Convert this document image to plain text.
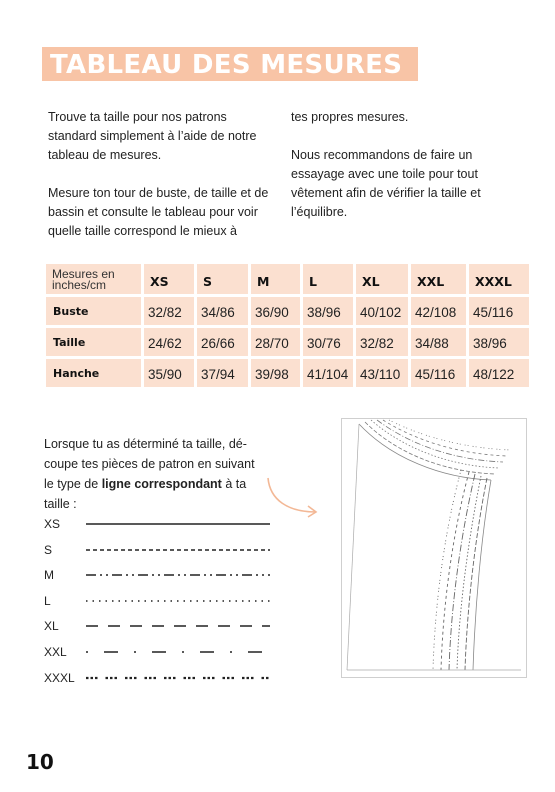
TABLEAU DES MESURES

Trouve ta taille pour nos patrons standard simplement à l’aide de notre tableau de mesures.

Mesure ton tour de buste, de taille et de bassin et consulte le tableau pour voir quelle taille correspond le mieux à

tes propres mesures.

Nous recommandons de faire un essayage avec une toile pour tout vêtement afin de vérifier la taille et l’équilibre.

Mesures en inches/cm	XS	S	M	L	XL	XXL XXXL
Buste	32/82 34/86 36/90 38/96 40/102 42/108 45/116
Taille	24/62 26/66 28/70 30/76 32/82 34/88 38/96
Hanche	35/90 37/94 39/98 41/104 43/110 45/116 48/122
Lorsque tu as déterminé ta taille, dé-coupe tes pièces de patron en suivant le type de ligne correspondant à ta taille :
XS
S
M
L
XL
XXL
XXXL
10
